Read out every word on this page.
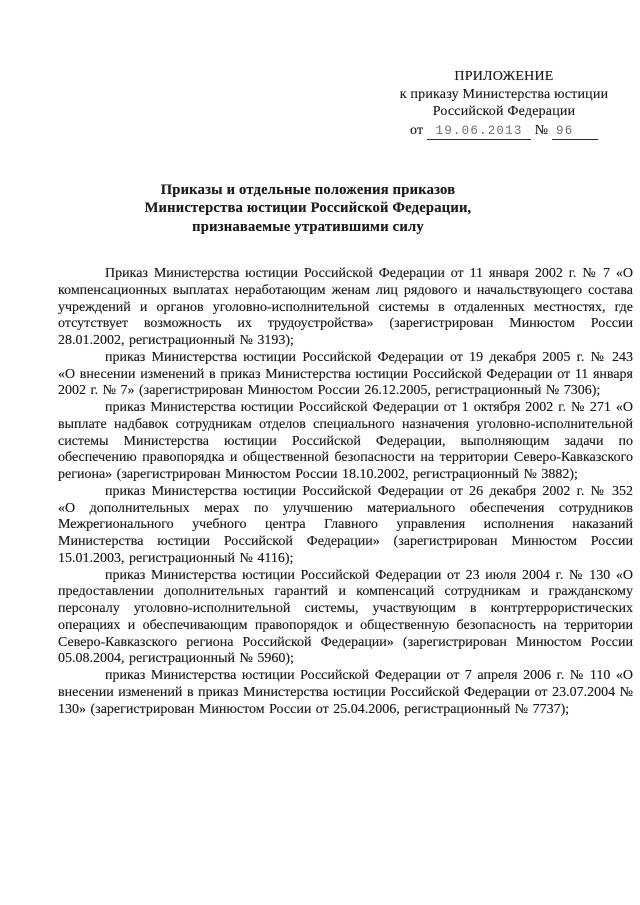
ПРИЛОЖЕНИЕ
к приказу Министерства юстиции
Российской Федерации
от 19.06.2013 № 96
Приказы и отдельные положения приказов
Министерства юстиции Российской Федерации,
признаваемые утратившими силу

Приказ Министерства юстиции Российской Федерации от 11 января 2002 г. № 7 «О компенсационных выплатах неработающим женам лиц рядового и начальствующего состава учреждений и органов уголовно-исполнительной системы в отдаленных местностях, где отсутствует возможность их трудоустройства» (зарегистрирован Минюстом России 28.01.2002, регистрационный № 3193);

приказ Министерства юстиции Российской Федерации от 19 декабря 2005 г. № 243 «О внесении изменений в приказ Министерства юстиции Российской Федерации от 11 января 2002 г. № 7» (зарегистрирован Минюстом России 26.12.2005, регистрационный № 7306);

приказ Министерства юстиции Российской Федерации от 1 октября 2002 г. № 271 «О выплате надбавок сотрудникам отделов специального назначения уголовно-исполнительной системы Министерства юстиции Российской Федерации, выполняющим задачи по обеспечению правопорядка и общественной безопасности на территории Северо-Кавказского региона» (зарегистрирован Минюстом России 18.10.2002, регистрационный № 3882);

приказ Министерства юстиции Российской Федерации от 26 декабря 2002 г. № 352 «О дополнительных мерах по улучшению материального обеспечения сотрудников Межрегионального учебного центра Главного управления исполнения наказаний Министерства юстиции Российской Федерации» (зарегистрирован Минюстом России 15.01.2003, регистрационный № 4116);

приказ Министерства юстиции Российской Федерации от 23 июля 2004 г. № 130 «О предоставлении дополнительных гарантий и компенсаций сотрудникам и гражданскому персоналу уголовно-исполнительной системы, участвующим в контртеррористических операциях и обеспечивающим правопорядок и общественную безопасность на территории Северо-Кавказского региона Российской Федерации» (зарегистрирован Минюстом России 05.08.2004, регистрационный № 5960);

приказ Министерства юстиции Российской Федерации от 7 апреля 2006 г. № 110 «О внесении изменений в приказ Министерства юстиции Российской Федерации от 23.07.2004 № 130» (зарегистрирован Минюстом России от 25.04.2006, регистрационный № 7737);
